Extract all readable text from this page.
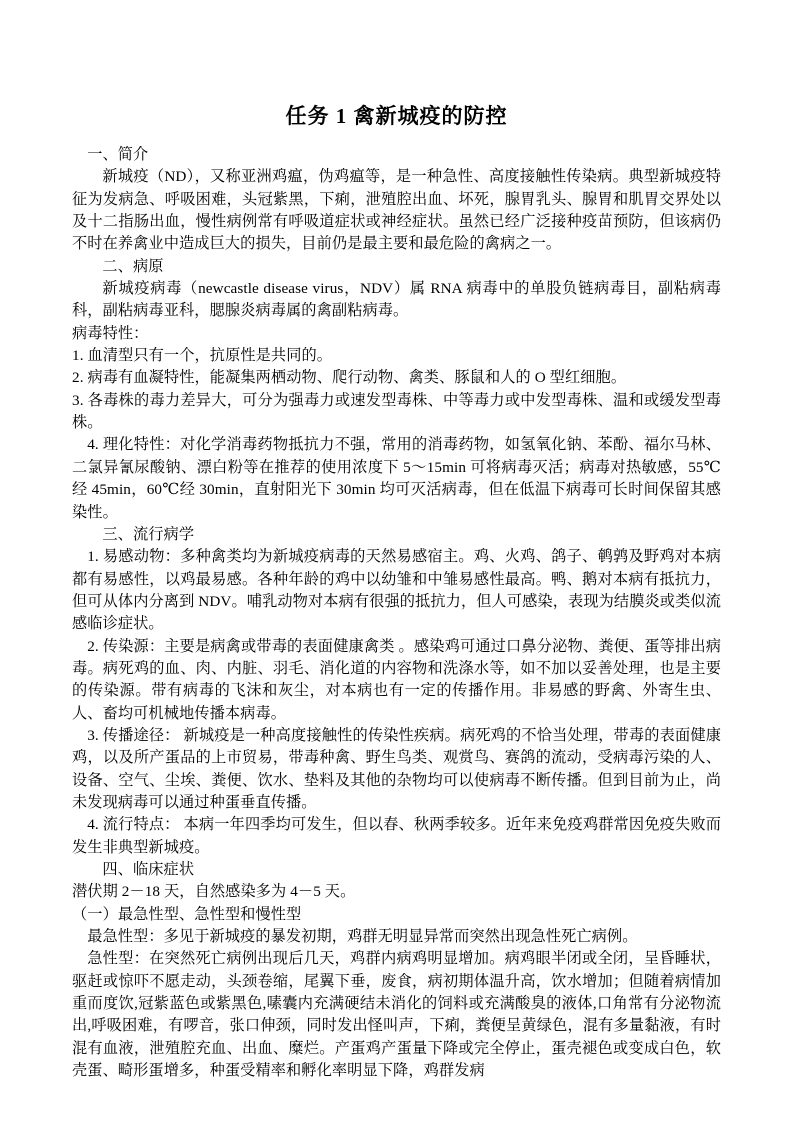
任务 1 禽新城疫的防控

一、简介

新城疫（ND），又称亚洲鸡瘟，伪鸡瘟等，是一种急性、高度接触性传染病。典型新城疫特征为发病急、呼吸困难，头冠紫黑，下痢，泄殖腔出血、坏死，腺胃乳头、腺胃和肌胃交界处以及十二指肠出血，慢性病例常有呼吸道症状或神经症状。虽然已经广泛接种疫苗预防，但该病仍不时在养禽业中造成巨大的损失，目前仍是最主要和最危险的禽病之一。

二、病原

新城疫病毒（newcastle disease virus，NDV）属 RNA 病毒中的单股负链病毒目，副粘病毒科，副粘病毒亚科，腮腺炎病毒属的禽副粘病毒。

病毒特性：

1. 血清型只有一个，抗原性是共同的。

2. 病毒有血凝特性，能凝集两栖动物、爬行动物、禽类、豚鼠和人的 O 型红细胞。

3. 各毒株的毒力差异大，可分为强毒力或速发型毒株、中等毒力或中发型毒株、温和或缓发型毒株。

4. 理化特性：对化学消毒药物抵抗力不强，常用的消毒药物，如氢氧化钠、苯酚、福尔马林、二氯异氰尿酸钠、漂白粉等在推荐的使用浓度下 5～15min 可将病毒灭活；病毒对热敏感，55℃经 45min，60℃经 30min，直射阳光下 30min 均可灭活病毒，但在低温下病毒可长时间保留其感染性。

三、流行病学

1. 易感动物：多种禽类均为新城疫病毒的天然易感宿主。鸡、火鸡、鸽子、鹌鹑及野鸡对本病都有易感性，以鸡最易感。各种年龄的鸡中以幼雏和中雏易感性最高。鸭、鹅对本病有抵抗力，但可从体内分离到 NDV。哺乳动物对本病有很强的抵抗力，但人可感染，表现为结膜炎或类似流感临诊症状。

2. 传染源：主要是病禽或带毒的表面健康禽类 。感染鸡可通过口鼻分泌物、粪便、蛋等排出病毒。病死鸡的血、肉、内脏、羽毛、消化道的内容物和洗涤水等，如不加以妥善处理，也是主要的传染源。带有病毒的飞沫和灰尘，对本病也有一定的传播作用。非易感的野禽、外寄生虫、人、畜均可机械地传播本病毒。

3. 传播途径： 新城疫是一种高度接触性的传染性疾病。病死鸡的不恰当处理，带毒的表面健康鸡，以及所产蛋品的上市贸易，带毒种禽、野生鸟类、观赏鸟、赛鸽的流动，受病毒污染的人、设备、空气、尘埃、粪便、饮水、垫料及其他的杂物均可以使病毒不断传播。但到目前为止，尚未发现病毒可以通过种蛋垂直传播。

4. 流行特点： 本病一年四季均可发生，但以春、秋两季较多。近年来免疫鸡群常因免疫失败而发生非典型新城疫。

四、临床症状

潜伏期 2－18 天，自然感染多为 4－5 天。

（一）最急性型、急性型和慢性型

最急性型：多见于新城疫的暴发初期，鸡群无明显异常而突然出现急性死亡病例。

急性型：在突然死亡病例出现后几天，鸡群内病鸡明显增加。病鸡眼半闭或全闭，呈昏睡状，驱赶或惊吓不愿走动，头颈卷缩，尾翼下垂，废食，病初期体温升高，饮水增加；但随着病情加重而度饮,冠紫蓝色或紫黑色,嗉囊内充满硬结未消化的饲料或充满酸臭的液体,口角常有分泌物流出,呼吸困难，有啰音，张口伸颈，同时发出怪叫声，下痢，粪便呈黄绿色，混有多量黏液，有时混有血液，泄殖腔充血、出血、糜烂。产蛋鸡产蛋量下降或完全停止，蛋壳褪色或变成白色，软壳蛋、畸形蛋增多，种蛋受精率和孵化率明显下降，鸡群发病
